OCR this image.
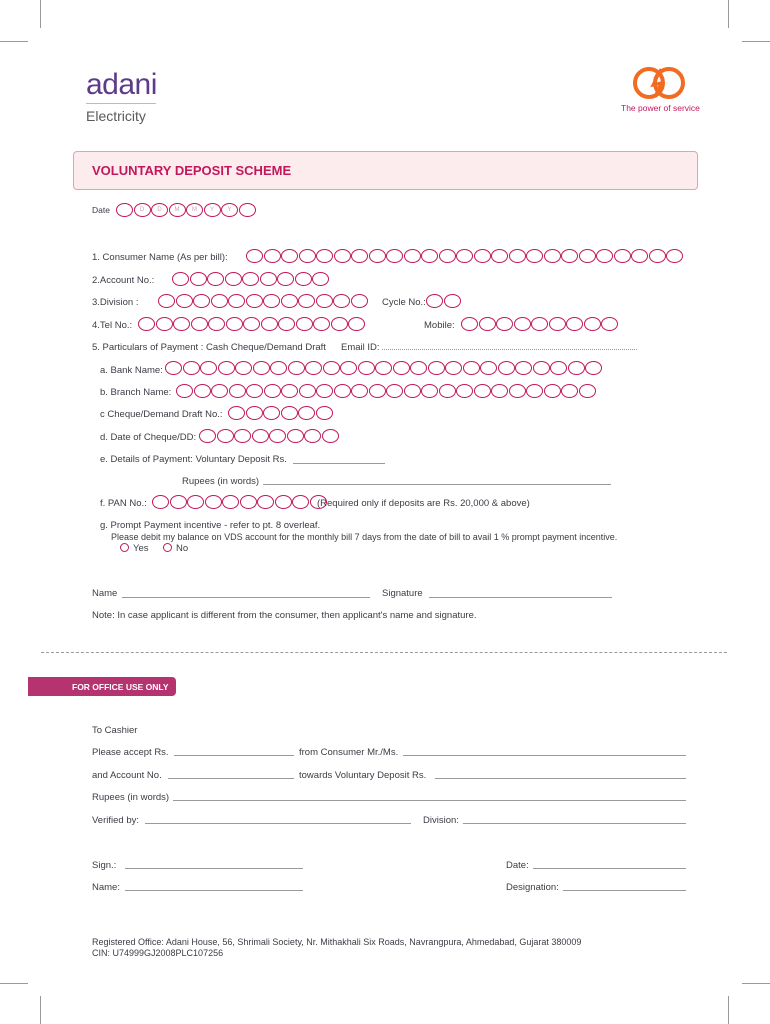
adani
Electricity	The power of service
VOLUNTARY DEPOSIT SCHEME
Date	D	D	M	M	Y	Y
1. Consumer Name (As per bill):
2.Account No.:
3.Division :	Cycle No.:
4.Tel No.:	Mobile:
5. Particulars of Payment : Cash Cheque/Demand Draft Email ID:
a. Bank Name:
b. Branch Name:
c Cheque/Demand Draft No.:
d. Date of Cheque/DD:
e. Details of Payment: Voluntary Deposit Rs.
Rupees (in words)
f. PAN No.:	(Required only if deposits are Rs. 20,000 & above)
g. Prompt Payment incentive - refer to pt. 8 overleaf.
Please debit my balance on VDS account for the monthly bill 7 days from the date of bill to avail 1 % prompt payment incentive.
Yes	No
Name	Signature
Note: In case applicant is different from the consumer, then applicant's name and signature.
FOR OFFICE USE ONLY
To Cashier
Please accept Rs.	from Consumer Mr./Ms.
and Account No.	towards Voluntary Deposit Rs.
Rupees (in words)
Verified by:	Division:
Sign.:	Date:
Name:	Designation:
Registered Office: Adani House, 56, Shrimali Society, Nr. Mithakhali Six Roads, Navrangpura, Ahmedabad, Gujarat 380009
CIN: U74999GJ2008PLC107256
